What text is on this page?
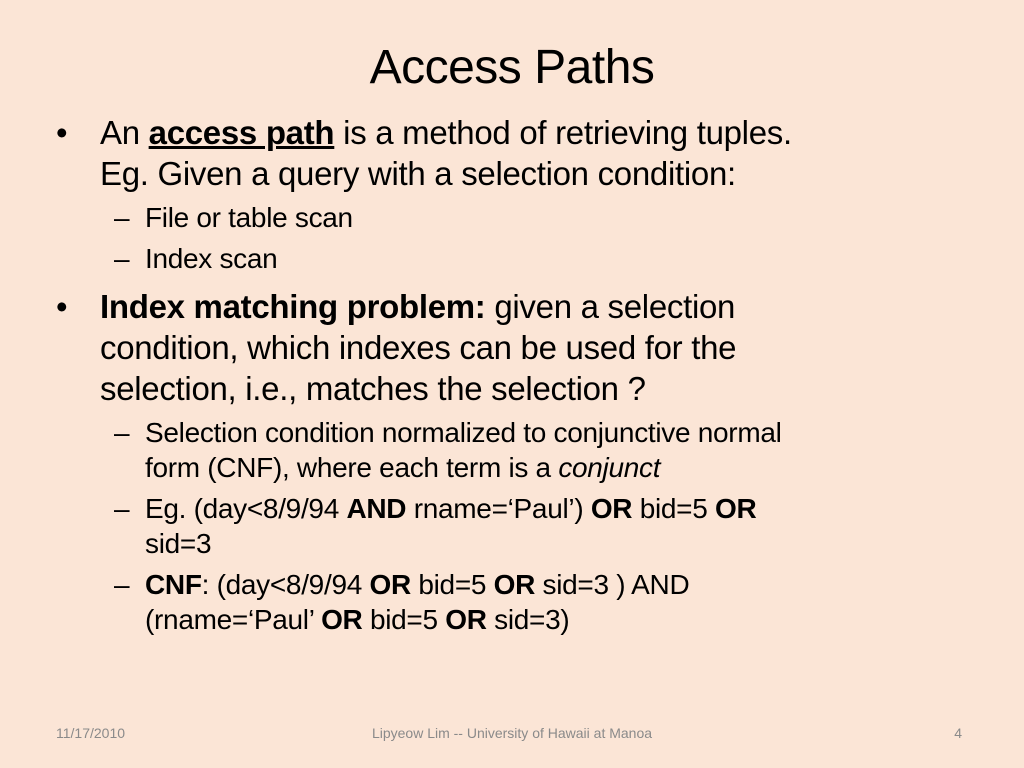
Access Paths
• An access path is a method of retrieving tuples.
Eg. Given a query with a selection condition:
– File or table scan
– Index scan
• Index matching problem: given a selection
condition, which indexes can be used for the
selection, i.e., matches the selection ?
– Selection condition normalized to conjunctive normal
form (CNF), where each term is a conjunct
– Eg. (day<8/9/94 AND rname=‘Paul’) OR bid=5 OR
sid=3
– CNF: (day<8/9/94 OR bid=5 OR sid=3 ) AND
(rname=‘Paul’ OR bid=5 OR sid=3)
11/17/2010	Lipyeow Lim -- University of Hawaii at Manoa	4
